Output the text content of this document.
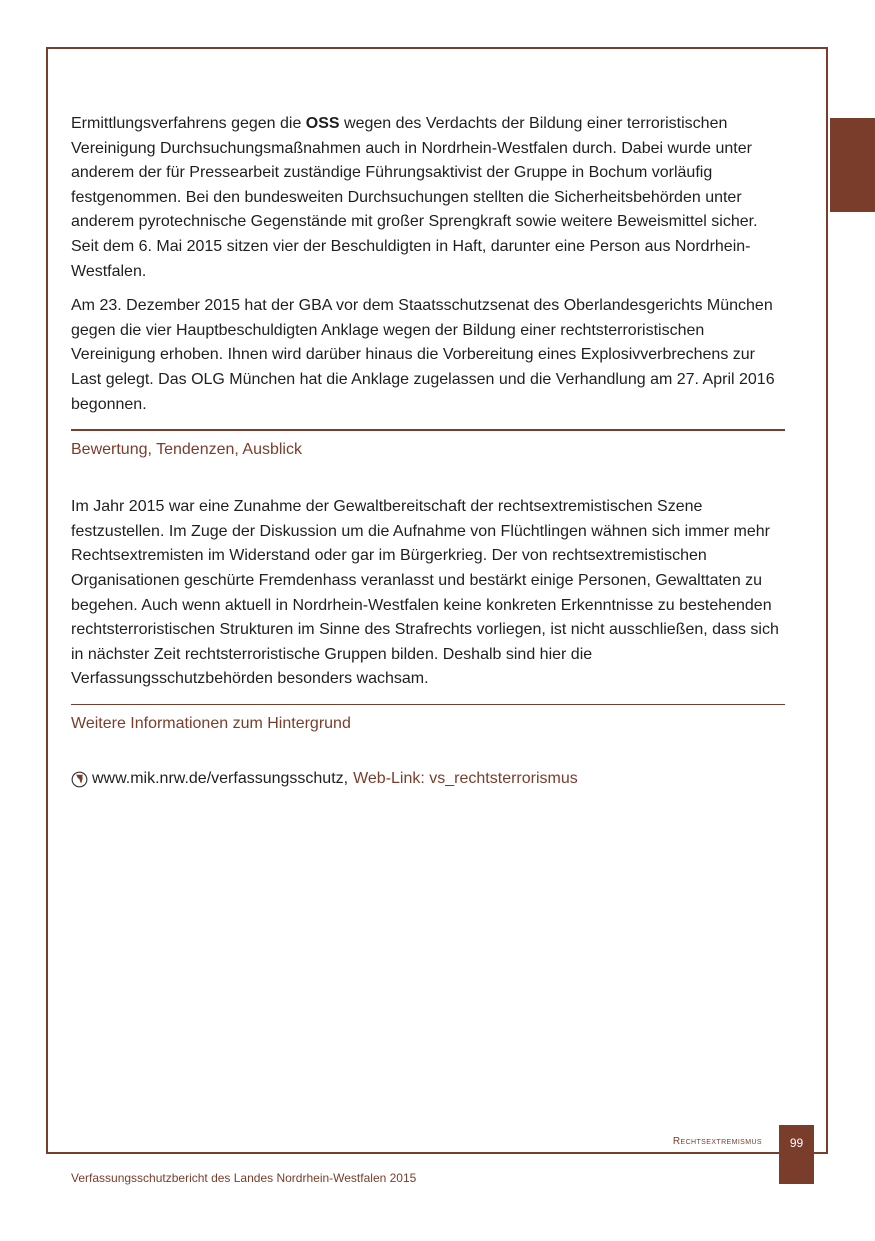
Ermittlungsverfahrens gegen die OSS wegen des Verdachts der Bildung einer terroristischen Vereinigung Durchsuchungsmaßnahmen auch in Nordrhein-Westfalen durch. Dabei wurde unter anderem der für Pressearbeit zuständige Führungsaktivist der Gruppe in Bochum vorläufig festgenommen. Bei den bundesweiten Durchsuchungen stellten die Sicherheitsbehörden unter anderem pyrotechnische Gegenstände mit großer Sprengkraft sowie weitere Beweismittel sicher. Seit dem 6. Mai 2015 sitzen vier der Beschuldigten in Haft, darunter eine Person aus Nordrhein-Westfalen.

Am 23. Dezember 2015 hat der GBA vor dem Staatsschutzsenat des Oberlandesgerichts München gegen die vier Hauptbeschuldigten Anklage wegen der Bildung einer rechtsterroristischen Vereinigung erhoben. Ihnen wird darüber hinaus die Vorbereitung eines Explosivverbrechens zur Last gelegt. Das OLG München hat die Anklage zugelassen und die Verhandlung am 27. April 2016 begonnen.

Bewertung, Tendenzen, Ausblick

Im Jahr 2015 war eine Zunahme der Gewaltbereitschaft der rechtsextremistischen Szene festzustellen. Im Zuge der Diskussion um die Aufnahme von Flüchtlingen wähnen sich immer mehr Rechtsextremisten im Widerstand oder gar im Bürgerkrieg. Der von rechtsextremistischen Organisationen geschürte Fremdenhass veranlasst und bestärkt einige Personen, Gewalttaten zu begehen. Auch wenn aktuell in Nordrhein-Westfalen keine konkreten Erkenntnisse zu bestehenden rechtsterroristischen Strukturen im Sinne des Strafrechts vorliegen, ist nicht ausschließen, dass sich in nächster Zeit rechtsterroristische Gruppen bilden. Deshalb sind hier die Verfassungsschutzbehörden besonders wachsam.

Weitere Informationen zum Hintergrund
www.mik.nrw.de/verfassungsschutz, Web-Link: vs_rechtsterrorismus
Rechtsextremismus	99
Verfassungsschutzbericht des Landes Nordrhein-Westfalen 2015
